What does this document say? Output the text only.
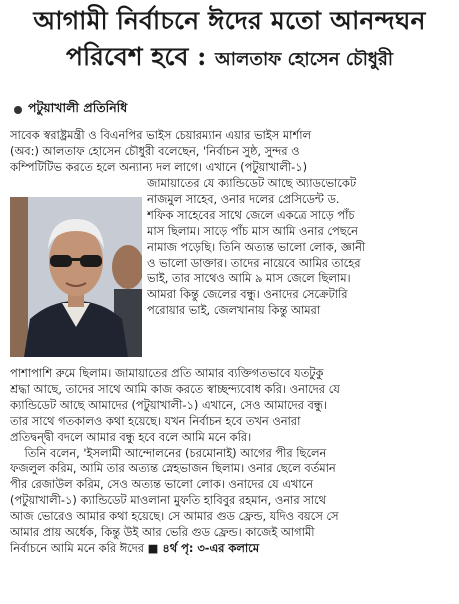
আগামী নির্বাচনে ঈদের মতো আনন্দঘন
পরিবেশ হবে : আলতাফ হোসেন চৌধুরী
পটুয়াখালী প্রতিনিধি
সাবেক স্বরাষ্ট্রমন্ত্রী ও বিএনপির ভাইস চেয়ারম্যান এয়ার ভাইস মার্শাল
(অব:) আলতাফ হোসেন চৌধুরী বলেছেন, 'নির্বাচন সুষ্ঠ, সুন্দর ও
কম্পিটিটিভ করতে হলে অন্যান্য দল লাগে। এখানে (পটুয়াখালী-১)
জামায়াতের যে ক্যান্ডিডেট আছে অ্যাডভোকেট
নাজমুল সাহেব, ওনার দলের প্রেসিডেন্ট ড.
শফিক সাহেবের সাথে জেলে একত্রে সাড়ে পাঁচ
মাস ছিলাম। সাড়ে পাঁচ মাস আমি ওনার পেছনে
নামাজ পড়েছি। তিনি অত্যন্ত ভালো লোক, জ্ঞানী
ও ভালো ডাক্তার। তাদের নায়েবে আমির তাহের
ভাই, তার সাথেও আমি ৯ মাস জেলে ছিলাম।
আমরা কিন্তু জেলের বন্ধু। ওনাদের সেক্রেটারি
পরোয়ার ভাই, জেলখানায় কিন্তু আমরা
পাশাপাশি রুমে ছিলাম। জামায়াতের প্রতি আমার ব্যক্তিগতভাবে যতটুকু
শ্রদ্ধা আছে, তাদের সাথে আমি কাজ করতে স্বাচ্ছন্দ্যবোধ করি। ওনাদের যে
ক্যান্ডিডেট আছে আমাদের (পটুয়াখালী-১) এখানে, সেও আমাদের বন্ধু।
তার সাথে গতকালও কথা হয়েছে। যখন নির্বাচন হবে তখন ওনারা
প্রতিদ্বন্দ্বী বদলে আমার বন্ধু হবে বলে আমি মনে করি।
তিনি বলেন, 'ইসলামী আন্দোলনের (চরমোনাই) আগের পীর ছিলেন
ফজলুল করিম, আমি তার অত্যন্ত স্নেহভাজন ছিলাম। ওনার ছেলে বর্তমান
পীর রেজাউল করিম, সেও অত্যন্ত ভালো লোক। ওনাদের যে এখানে
(পটুয়াখালী-১) ক্যান্ডিডেট মাওলানা মুফতি হাবিবুর রহমান, ওনার সাথে
আজ ভোরেও আমার কথা হয়েছে। সে আমার গুড ফ্রেন্ড, যদিও বয়সে সে
আমার প্রায় অর্ধেক, কিন্তু উই আর ভেরি গুড ফ্রেন্ড। কাজেই আগামী
নির্বাচনে আমি মনে করি ঈদের ■ ৪র্থ পৃ: ৩-এর কলামে
